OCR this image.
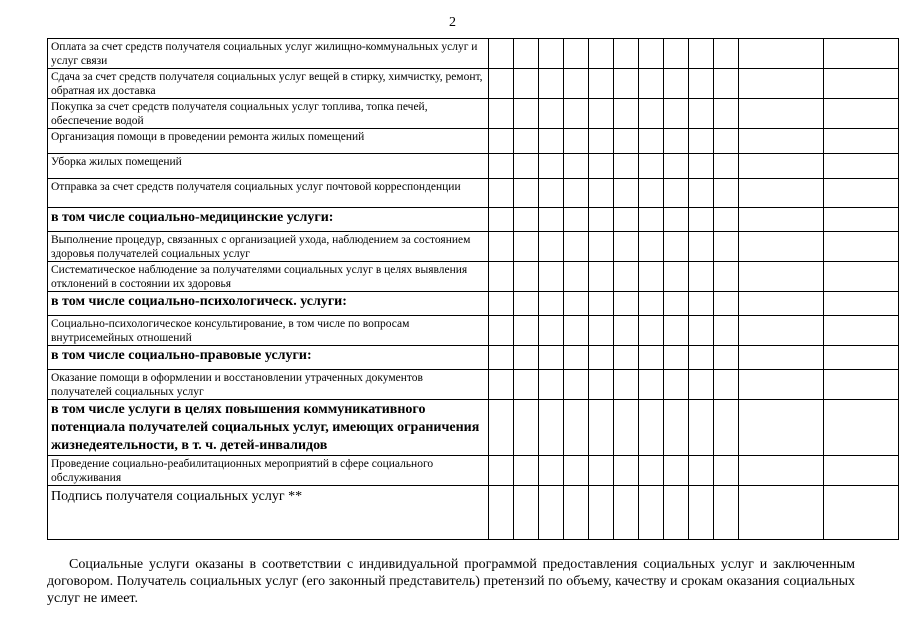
2
Оплата за счет средств получателя социальных услуг жилищно-коммунальных услуг и услуг связи												
Сдача за счет средств получателя социальных услуг вещей в стирку, химчистку, ремонт, обратная их доставка												
Покупка за счет средств получателя социальных услуг топлива, топка печей, обеспечение водой												
Организация помощи в проведении ремонта жилых помещений												
Уборка жилых помещений												
Отправка за счет средств получателя социальных услуг почтовой корреспонденции												
в том числе социально-медицинские услуги:												
Выполнение процедур, связанных с организацией ухода, наблюдением за состоянием здоровья получателей социальных услуг												
Систематическое наблюдение за получателями социальных услуг в целях выявления отклонений в состоянии их здоровья												
в том числе социально-психологическ. услуги:												
Социально-психологическое консультирование, в том числе по вопросам внутрисемейных отношений												
в том числе социально-правовые услуги:												
Оказание помощи в оформлении и восстановлении утраченных документов получателей социальных услуг												
в том числе услуги в целях повышения коммуникативного потенциала получателей социальных услуг, имеющих ограничения жизнедеятельности, в т. ч. детей-инвалидов												
Проведение социально-реабилитационных мероприятий в сфере социального обслуживания												
Подпись получателя социальных услуг **												

Социальные услуги оказаны в соответствии с индивидуальной программой предоставления социальных услуг и заключенным договором. Получатель социальных услуг (его законный представитель) претензий по объему, качеству и срокам оказания социальных услуг не имеет.
